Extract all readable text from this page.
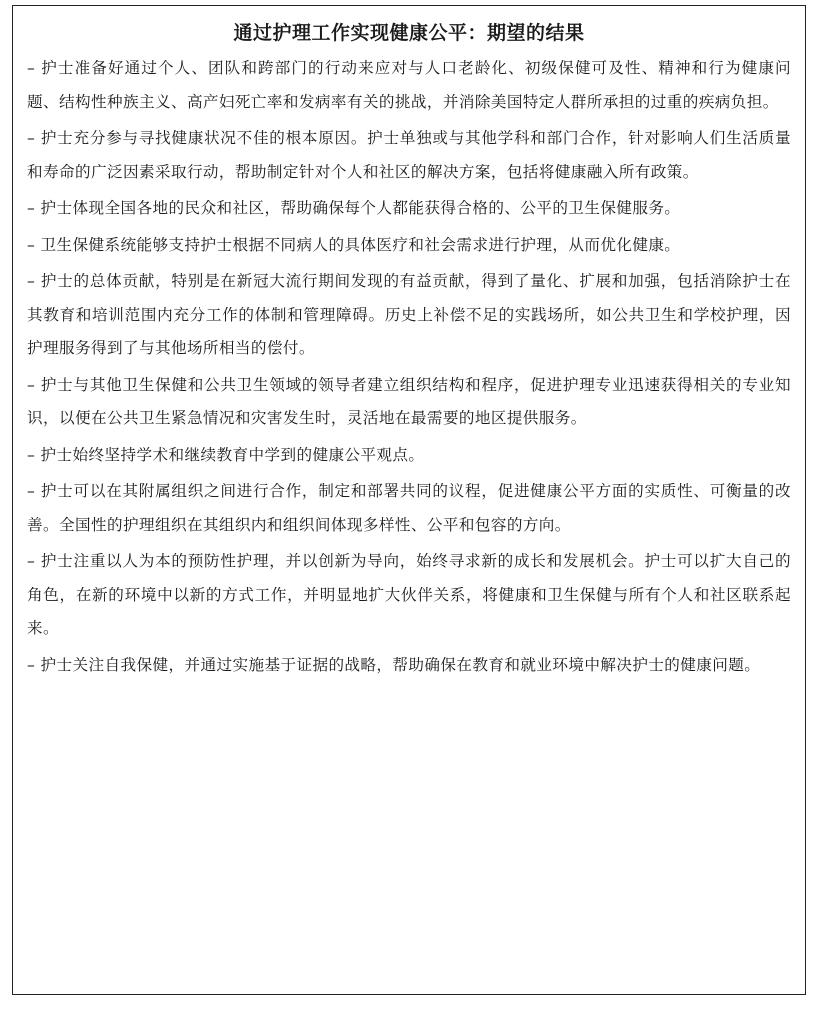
通过护理工作实现健康公平：期望的结果

– 护士准备好通过个人、团队和跨部门的行动来应对与人口老龄化、初级保健可及性、精神和行为健康问题、结构性种族主义、高产妇死亡率和发病率有关的挑战，并消除美国特定人群所承担的过重的疾病负担。

– 护士充分参与寻找健康状况不佳的根本原因。护士单独或与其他学科和部门合作，针对影响人们生活质量和寿命的广泛因素采取行动，帮助制定针对个人和社区的解决方案，包括将健康融入所有政策。

– 护士体现全国各地的民众和社区，帮助确保每个人都能获得合格的、公平的卫生保健服务。

– 卫生保健系统能够支持护士根据不同病人的具体医疗和社会需求进行护理，从而优化健康。

– 护士的总体贡献，特别是在新冠大流行期间发现的有益贡献，得到了量化、扩展和加强，包括消除护士在其教育和培训范围内充分工作的体制和管理障碍。历史上补偿不足的实践场所，如公共卫生和学校护理，因护理服务得到了与其他场所相当的偿付。

– 护士与其他卫生保健和公共卫生领域的领导者建立组织结构和程序，促进护理专业迅速获得相关的专业知识，以便在公共卫生紧急情况和灾害发生时，灵活地在最需要的地区提供服务。

– 护士始终坚持学术和继续教育中学到的健康公平观点。

– 护士可以在其附属组织之间进行合作，制定和部署共同的议程，促进健康公平方面的实质性、可衡量的改善。全国性的护理组织在其组织内和组织间体现多样性、公平和包容的方向。

– 护士注重以人为本的预防性护理，并以创新为导向，始终寻求新的成长和发展机会。护士可以扩大自己的角色，在新的环境中以新的方式工作，并明显地扩大伙伴关系，将健康和卫生保健与所有个人和社区联系起来。

– 护士关注自我保健，并通过实施基于证据的战略，帮助确保在教育和就业环境中解决护士的健康问题。
